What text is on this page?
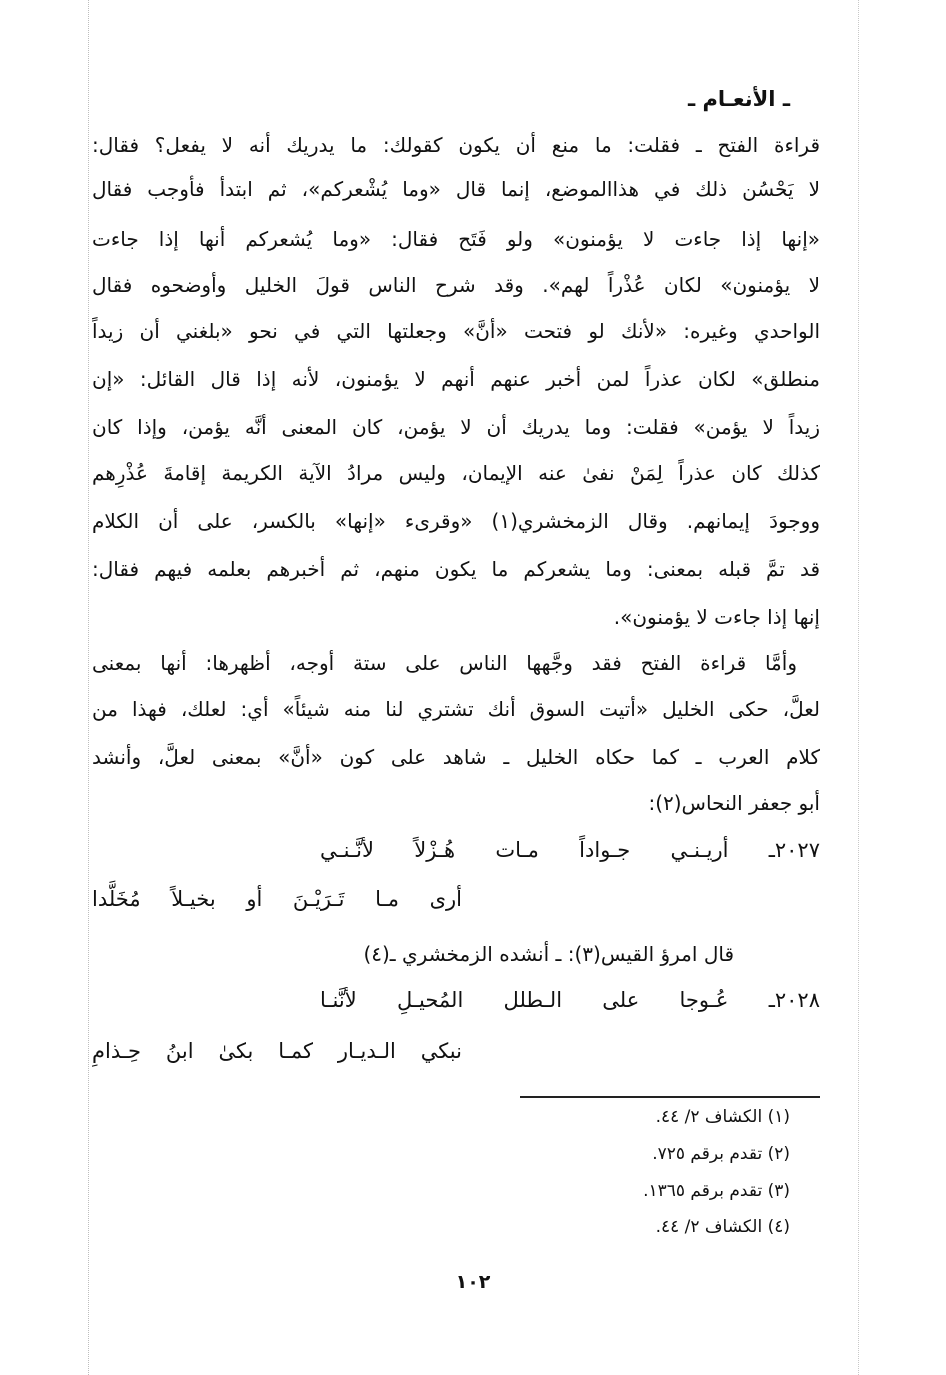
ـ الأنعـام ـ
قراءة الفتح ـ فقلت: ما منع أن يكون كقولك: ما يدريك أنه لا يفعل؟ فقال:
لا يَحْسُن ذلك في هذاالموضع، إنما قال «وما يُشْعركم»، ثم ابتدأ فأوجب فقال
«إنها إذا جاءت لا يؤمنون» ولو فَتَح فقال: «وما يُشعركم أنها إذا جاءت
لا يؤمنون» لكان عُذْراً لهم». وقد شرح الناس قولَ الخليل وأوضحوه فقال
الواحدي وغيره: «لأنك لو فتحت «أنَّ» وجعلتها التي في نحو «بلغني أن زيداً
منطلق» لكان عذراً لمن أخبر عنهم أنهم لا يؤمنون، لأنه إذا قال القائل: «إن
زيداً لا يؤمن» فقلت: وما يدريك أن لا يؤمن، كان المعنى أنَّه يؤمن، وإذا كان
كذلك كان عذراً لِمَنْ نفىٰ عنه الإيمان، وليس مرادُ الآية الكريمة إقامةَ عُذْرِهم
ووجودَ إيمانهم. وقال الزمخشري(١) «وقرىء «إنها» بالكسر، على أن الكلام
قد تمَّ قبله بمعنى: وما يشعركم ما يكون منهم، ثم أخبرهم بعلمه فيهم فقال:
إنها إذا جاءت لا يؤمنون».
وأمَّا قراءة الفتح فقد وجَّهها الناس على ستة أوجه، أظهرها: أنها بمعنى
لعلَّ، حكى الخليل «أتيت السوق أنك تشتري لنا منه شيئاً» أي: لعلك، فهذا من
كلام العرب ـ كما حكاه الخليل ـ شاهد على كون «أنَّ» بمعنى لعلَّ، وأنشد
أبو جعفر النحاس(٢):
٢٠٢٧ـ أريـنـي جـواداً مـات هُـزْلاً لأنَّـنـي
أرى مـا تَـرَيْـنَ أو بخيـلاً مُخَلَّدا
قال امرؤ القيس(٣): ـ أنشده الزمخشري ـ(٤)
٢٠٢٨ـ عُـوجا على الـطلل المُحيـلِ لأنَّنـا
نبكي الـديـار كمـا بكىٰ ابنُ حِـذامِ
(١) الكشاف ٢/ ٤٤.
(٢) تقدم برقم ٧٢٥.
(٣) تقدم برقم ١٣٦٥.
(٤) الكشاف ٢/ ٤٤.
١٠٢
